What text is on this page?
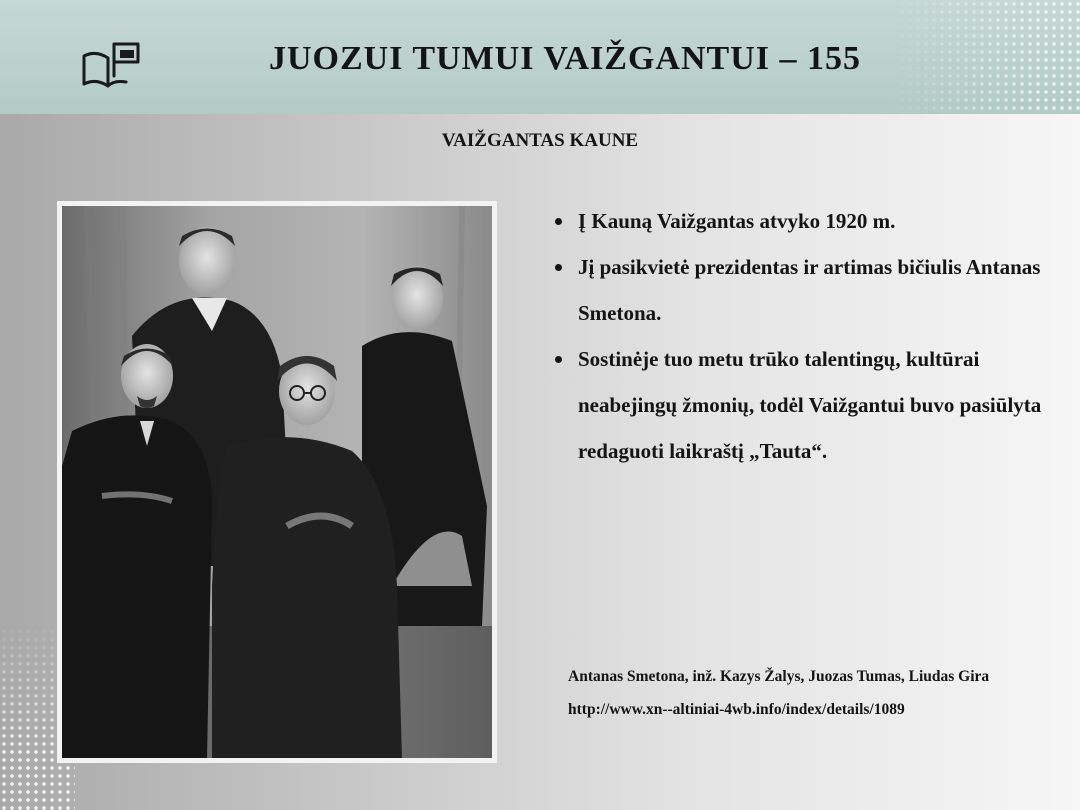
JUOZUI TUMUI VAIŽGANTUI – 155
VAIŽGANTAS KAUNE
Į Kauną Vaižgantas atvyko 1920 m.
Jį pasikvietė prezidentas ir artimas bičiulis Antanas Smetona.
Sostinėje tuo metu trūko talentingų, kultūrai neabejingų žmonių, todėl Vaižgantui buvo pasiūlyta redaguoti laikraštį „Tauta“.
Antanas Smetona, inž. Kazys Žalys, Juozas Tumas, Liudas Gira
http://www.xn--altiniai-4wb.info/index/details/1089
